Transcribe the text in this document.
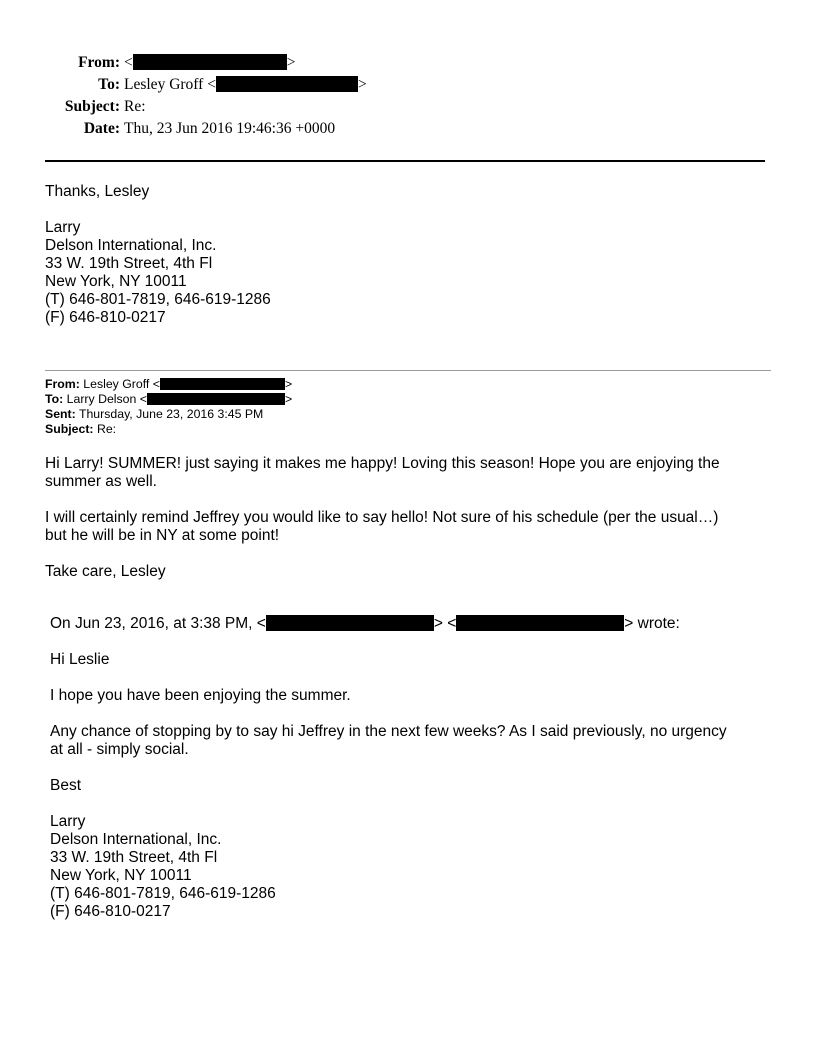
From: <	>
To: Lesley Groff <	>
Subject: Re:
Date: Thu, 23 Jun 2016 19:46:36 +0000
Thanks, Lesley
Larry
Delson International, Inc.
33 W. 19th Street, 4th Fl
New York, NY 10011
(T) 646-801-7819, 646-619-1286
(F) 646-810-0217
From: Lesley Groff <	>
To: Larry Delson <	>
Sent: Thursday, June 23, 2016 3:45 PM
Subject: Re:
Hi Larry! SUMMER! just saying it makes me happy! Loving this season! Hope you are enjoying the
summer as well.
I will certainly remind Jeffrey you would like to say hello! Not sure of his schedule (per the usual…)
but he will be in NY at some point!
Take care, Lesley
On Jun 23, 2016, at 3:38 PM, <	> <	> wrote:
Hi Leslie
I hope you have been enjoying the summer.
Any chance of stopping by to say hi Jeffrey in the next few weeks? As I said previously, no urgency
at all - simply social.
Best
Larry
Delson International, Inc.
33 W. 19th Street, 4th Fl
New York, NY 10011
(T) 646-801-7819, 646-619-1286
(F) 646-810-0217
